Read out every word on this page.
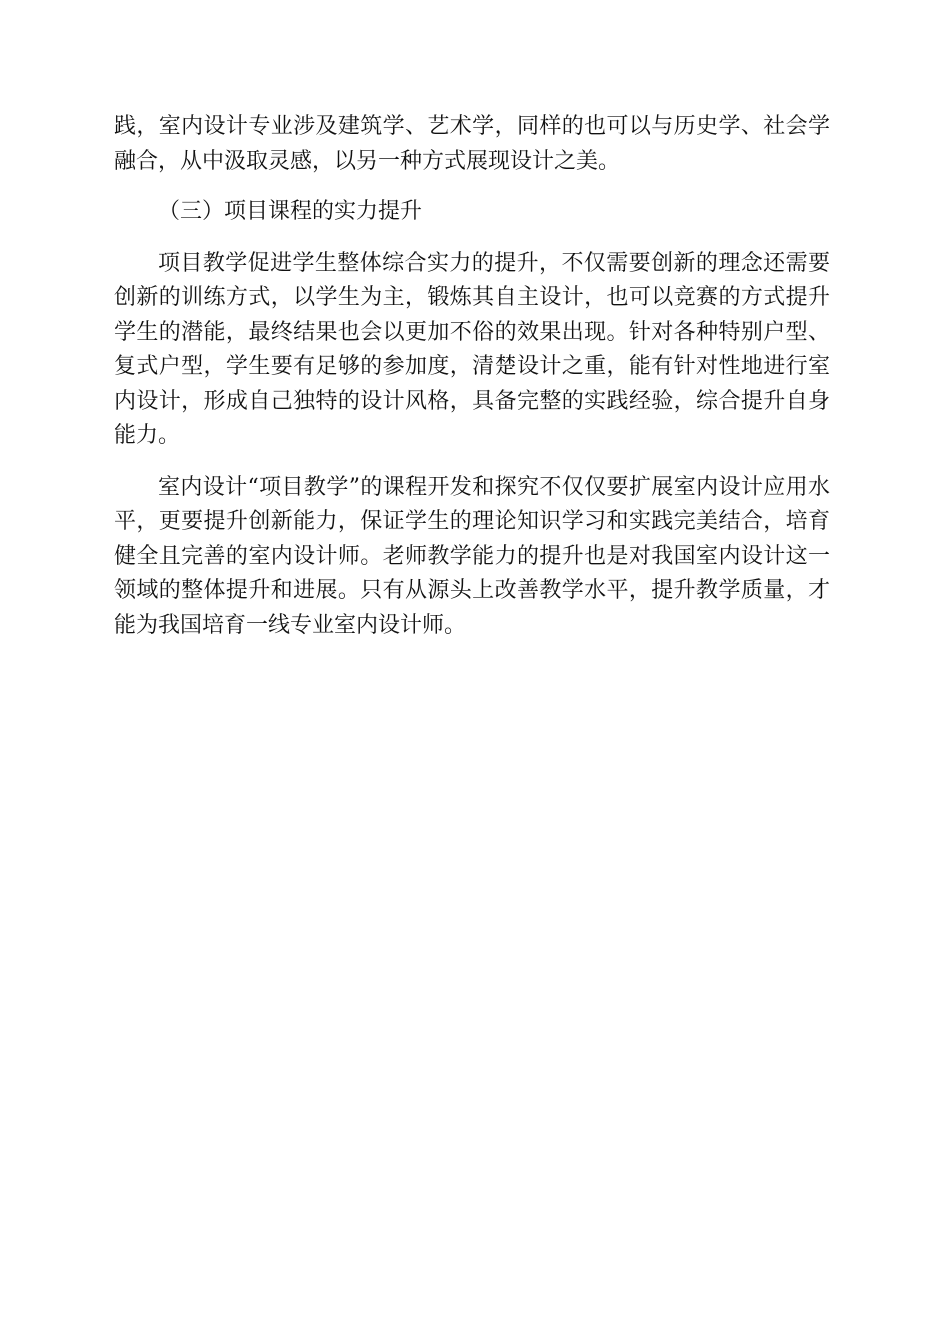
践，室内设计专业涉及建筑学、艺术学，同样的也可以与历史学、社会学融合，从中汲取灵感，以另一种方式展现设计之美。

（三）项目课程的实力提升

项目教学促进学生整体综合实力的提升，不仅需要创新的理念还需要创新的训练方式，以学生为主，锻炼其自主设计，也可以竞赛的方式提升学生的潜能，最终结果也会以更加不俗的效果出现。针对各种特别户型、复式户型，学生要有足够的参加度，清楚设计之重，能有针对性地进行室内设计，形成自己独特的设计风格，具备完整的实践经验，综合提升自身能力。

室内设计“项目教学”的课程开发和探究不仅仅要扩展室内设计应用水平，更要提升创新能力，保证学生的理论知识学习和实践完美结合，培育健全且完善的室内设计师。老师教学能力的提升也是对我国室内设计这一领域的整体提升和进展。只有从源头上改善教学水平，提升教学质量，才能为我国培育一线专业室内设计师。
